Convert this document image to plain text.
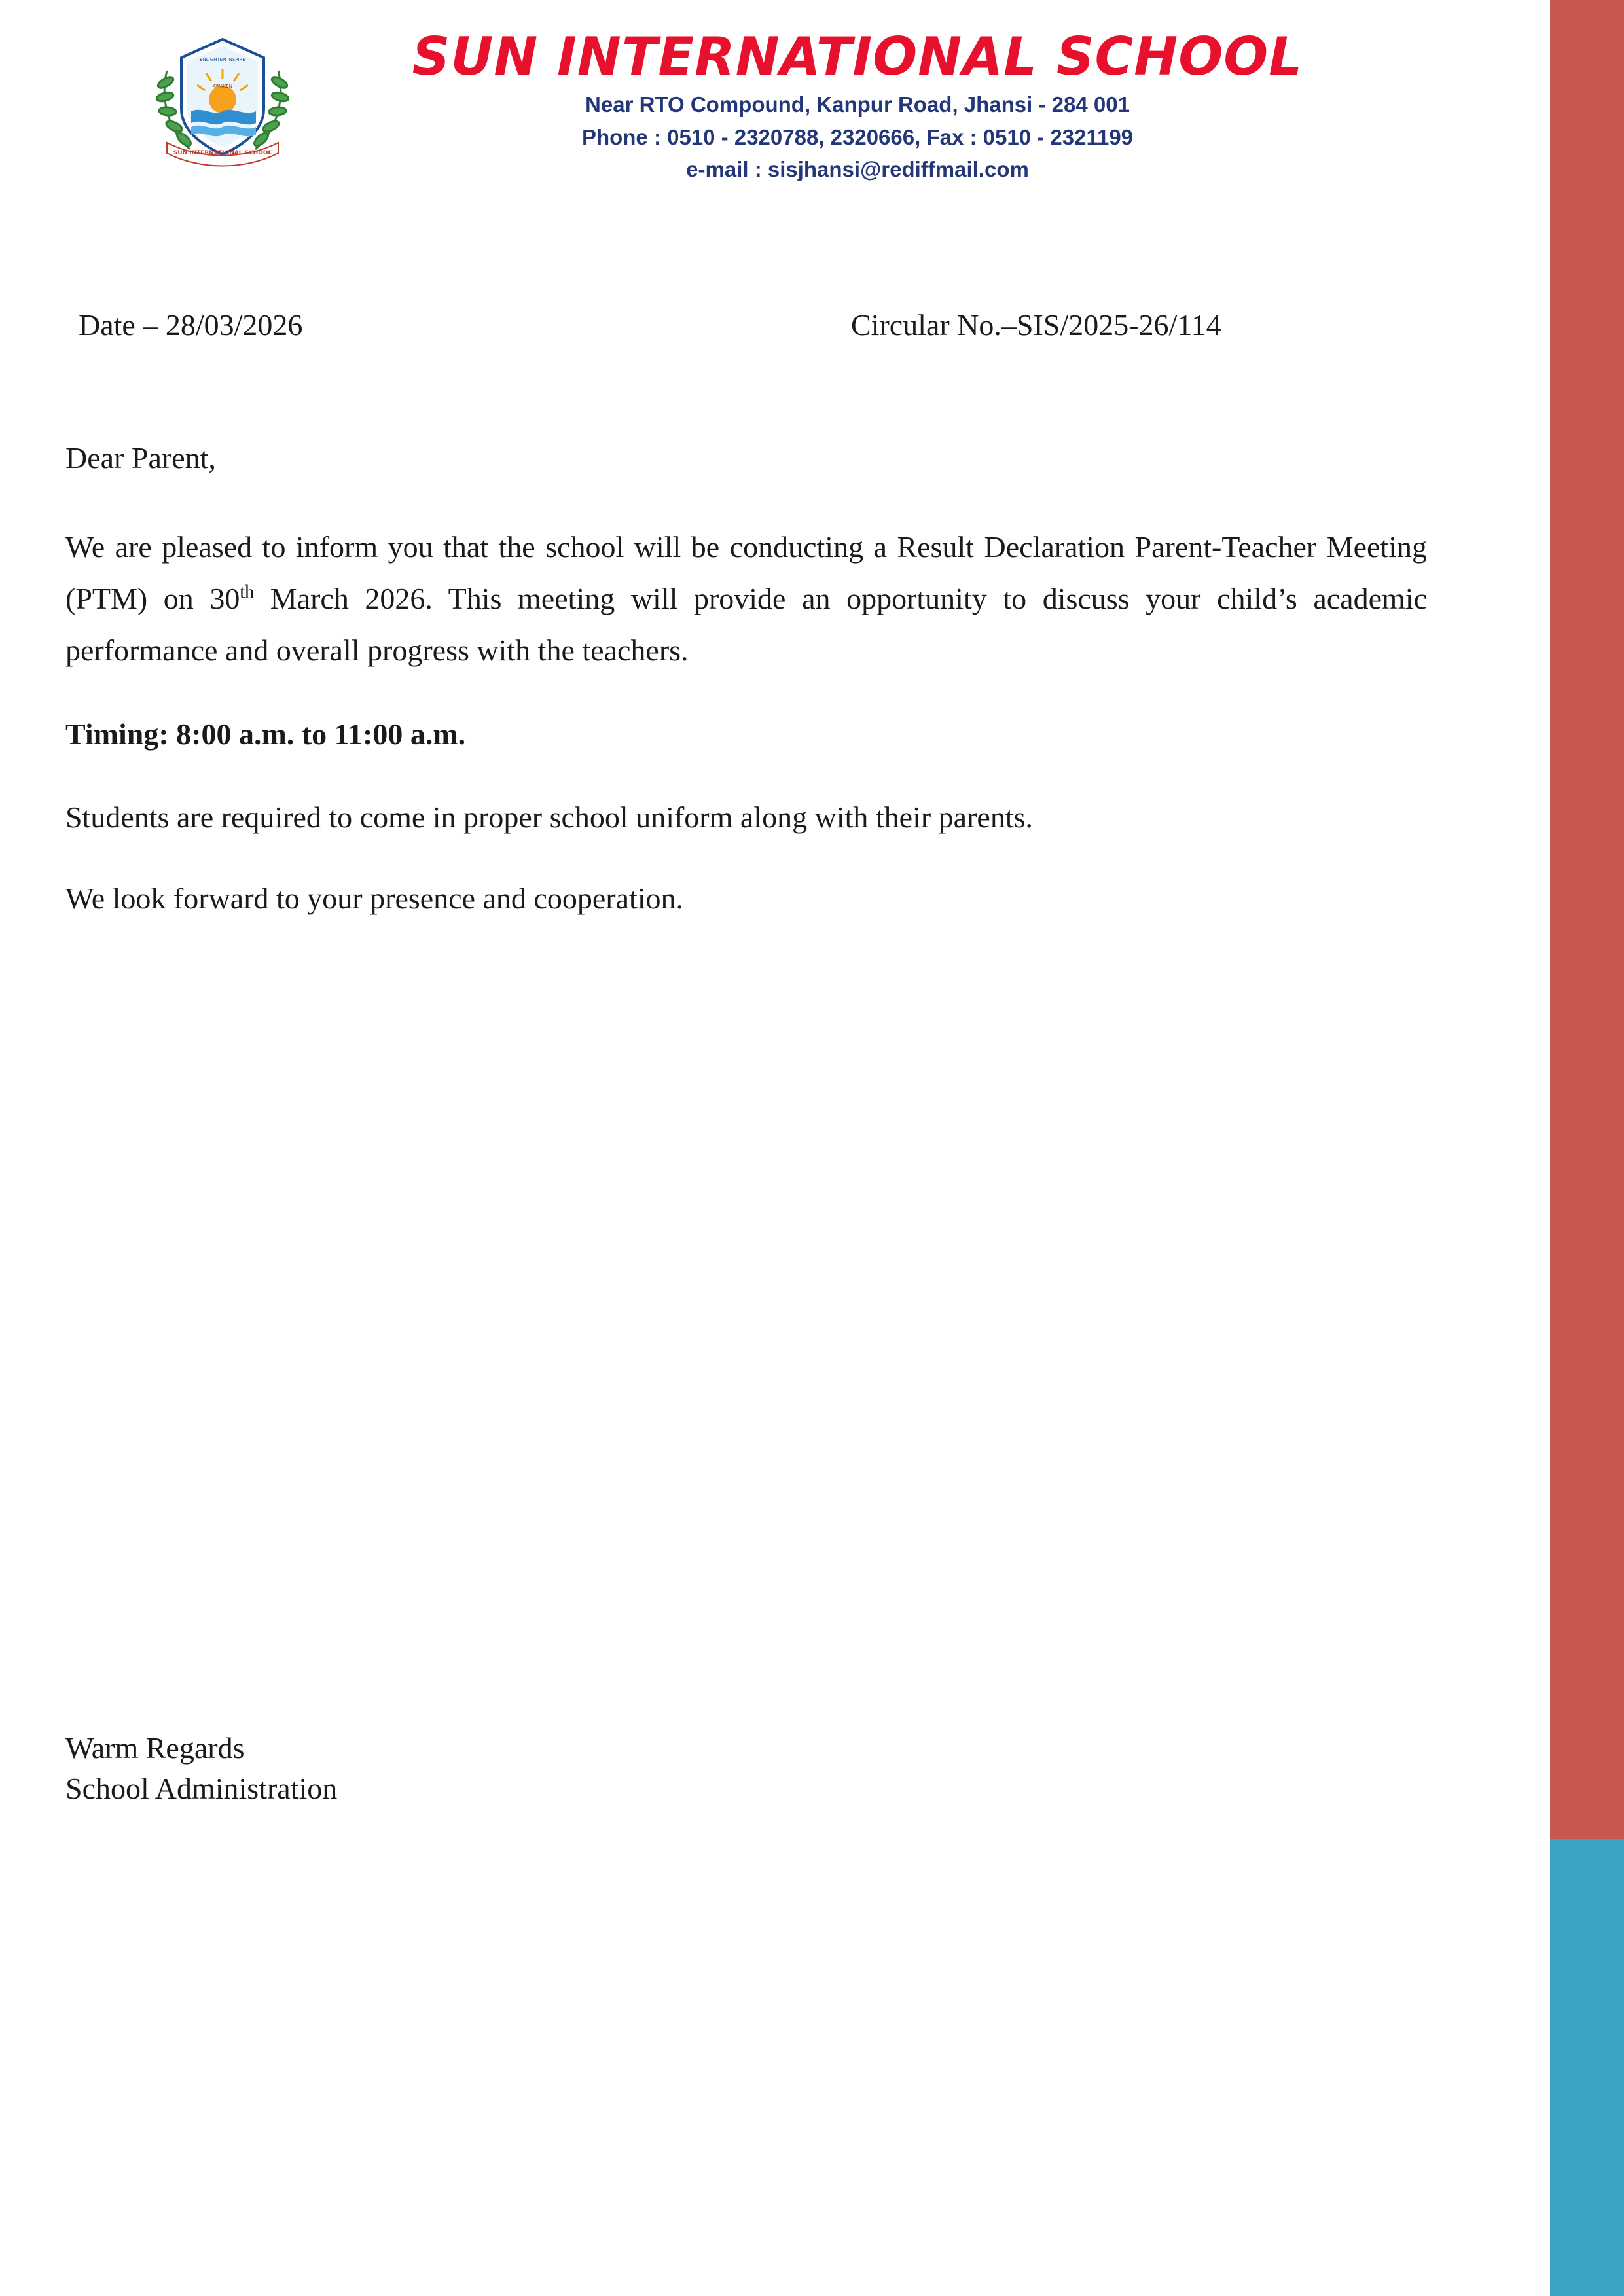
ENLIGHTEN INSPIRE
AWAKEN
SUN INTERNATIONAL SCHOOL
SUN INTERNATIONAL SCHOOL
Near RTO Compound, Kanpur Road, Jhansi - 284 001
Phone : 0510 - 2320788, 2320666, Fax : 0510 - 2321199
e-mail : sisjhansi@rediffmail.com
Date – 28/03/2026	Circular No.–SIS/2025-26/114
Dear Parent,

We are pleased to inform you that the school will be conducting a Result Declaration Parent-Teacher Meeting (PTM) on 30th March 2026. This meeting will provide an opportunity to discuss your child’s academic performance and overall progress with the teachers.

Timing: 8:00 a.m. to 11:00 a.m.

Students are required to come in proper school uniform along with their parents.

We look forward to your presence and cooperation.

Warm Regards
School Administration
